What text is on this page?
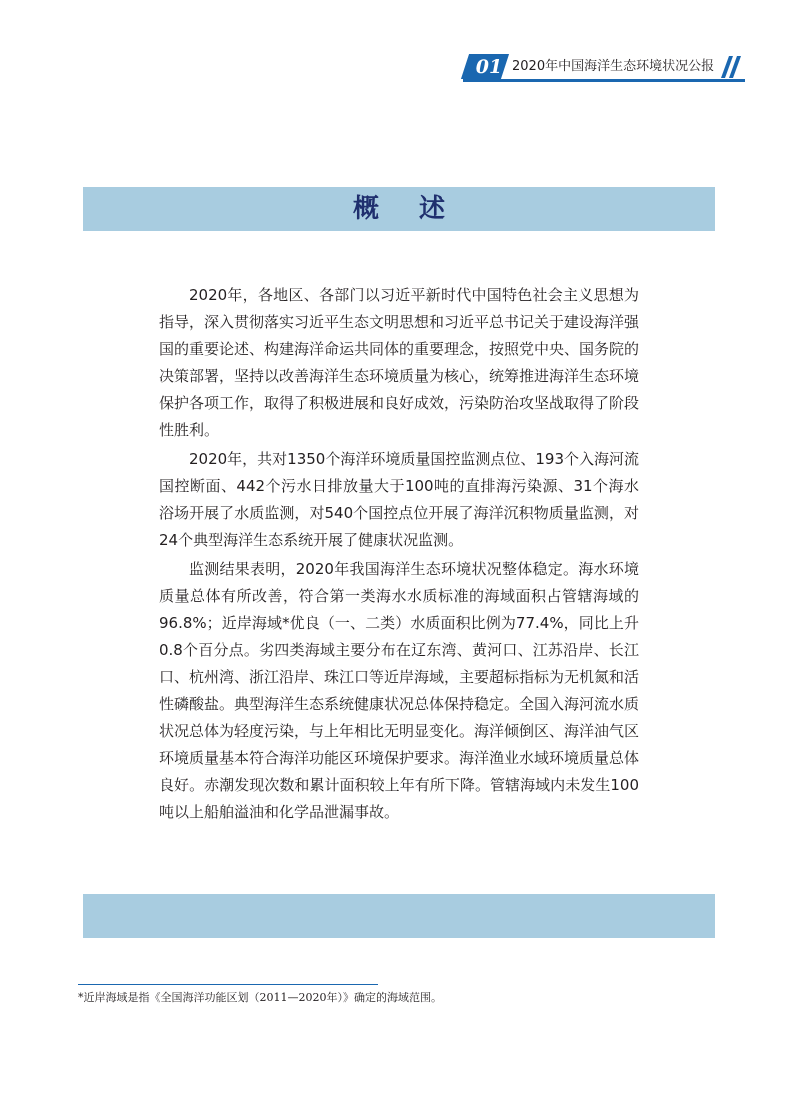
01 2020年中国海洋生态环境状况公报
概述

2020年，各地区、各部门以习近平新时代中国特色社会主义思想为指导，深入贯彻落实习近平生态文明思想和习近平总书记关于建设海洋强国的重要论述、构建海洋命运共同体的重要理念，按照党中央、国务院的决策部署，坚持以改善海洋生态环境质量为核心，统筹推进海洋生态环境保护各项工作，取得了积极进展和良好成效，污染防治攻坚战取得了阶段性胜利。

2020年，共对1350个海洋环境质量国控监测点位、193个入海河流国控断面、442个污水日排放量大于100吨的直排海污染源、31个海水浴场开展了水质监测，对540个国控点位开展了海洋沉积物质量监测，对24个典型海洋生态系统开展了健康状况监测。

监测结果表明，2020年我国海洋生态环境状况整体稳定。海水环境质量总体有所改善，符合第一类海水水质标准的海域面积占管辖海域的96.8%；近岸海域*优良（一、二类）水质面积比例为77.4%，同比上升0.8个百分点。劣四类海域主要分布在辽东湾、黄河口、江苏沿岸、长江口、杭州湾、浙江沿岸、珠江口等近岸海域，主要超标指标为无机氮和活性磷酸盐。典型海洋生态系统健康状况总体保持稳定。全国入海河流水质状况总体为轻度污染，与上年相比无明显变化。海洋倾倒区、海洋油气区环境质量基本符合海洋功能区环境保护要求。海洋渔业水域环境质量总体良好。赤潮发现次数和累计面积较上年有所下降。管辖海域内未发生100吨以上船舶溢油和化学品泄漏事故。

*近岸海域是指《全国海洋功能区划（2011—2020年）》确定的海域范围。
